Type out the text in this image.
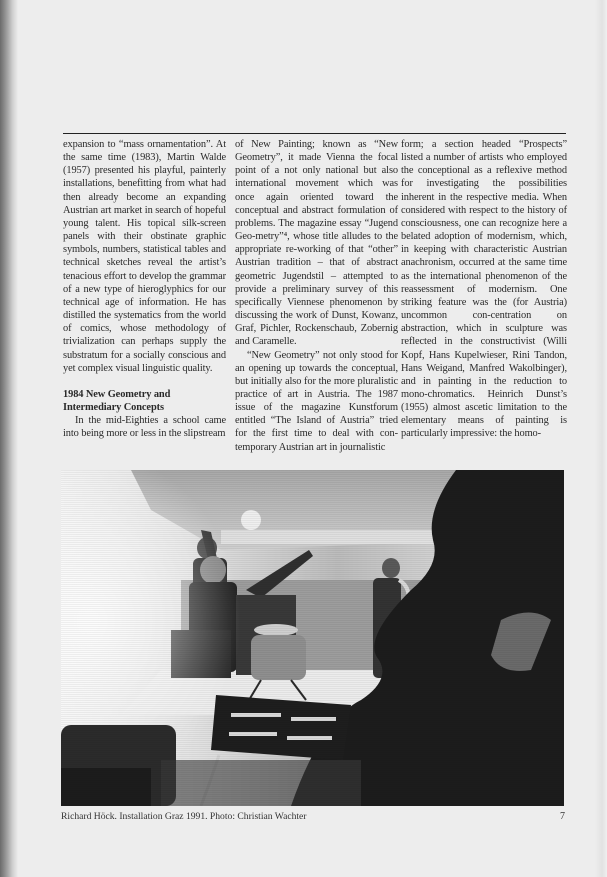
expansion to “mass ornamentation”. At the same time (1983), Martin Walde (1957) presented his playful, painterly installations, benefitting from what had then already become an expanding Austrian art market in search of hopeful young talent. His topical silk-screen panels with their obstinate graphic symbols, numbers, statistical tables and technical sketches reveal the artist’s tenacious effort to develop the grammar of a new type of hieroglyphics for our technical age of information. He has distilled the systematics from the world of comics, whose methodology of trivialization can perhaps supply the substratum for a socially conscious and yet complex visual linguistic quality.

1984 New Geometry and Intermediary Concepts

In the mid-Eighties a school came into being more or less in the slipstream

of New Painting; known as “New Geometry”, it made Vienna the focal point of a not only national but also international movement which was once again oriented toward the conceptual and abstract formulation of problems. The magazine essay “Jugend Geo-metry”⁴, whose title alludes to the appropriate re-working of that “other” Austrian tradition – that of abstract geometric Jugendstil – attempted to provide a preliminary survey of this specifically Viennese phenomenon by discussing the work of Dunst, Kowanz, Graf, Pichler, Rockenschaub, Zobernig and Caramelle.

“New Geometry” not only stood for an opening up towards the conceptual, but initially also for the more pluralistic practice of art in Austria. The 1987 issue of the magazine Kunstforum entitled “The Island of Austria” tried for the first time to deal with con-temporary Austrian art in journalistic

form; a section headed “Prospects” listed a number of artists who employed the conceptional as a reflexive method for investigating the possibilities inherent in the respective media. When considered with respect to the history of consciousness, one can recognize here a belated adoption of modernism, which, in keeping with characteristic Austrian anachronism, occurred at the same time as the international phenomenon of the reassessment of modernism. One striking feature was the (for Austria) uncommon con-centration on abstraction, which in sculpture was reflected in the constructivist (Willi Kopf, Hans Kupelwieser, Rini Tandon, Hans Weigand, Manfred Wakolbinger), and in painting in the reduction to mono-chromatics. Heinrich Dunst’s (1955) almost ascetic limitation to the elementary means of painting is particularly impressive: the homo-

Richard Höck. Installation Graz 1991. Photo: Christian Wachter	7
